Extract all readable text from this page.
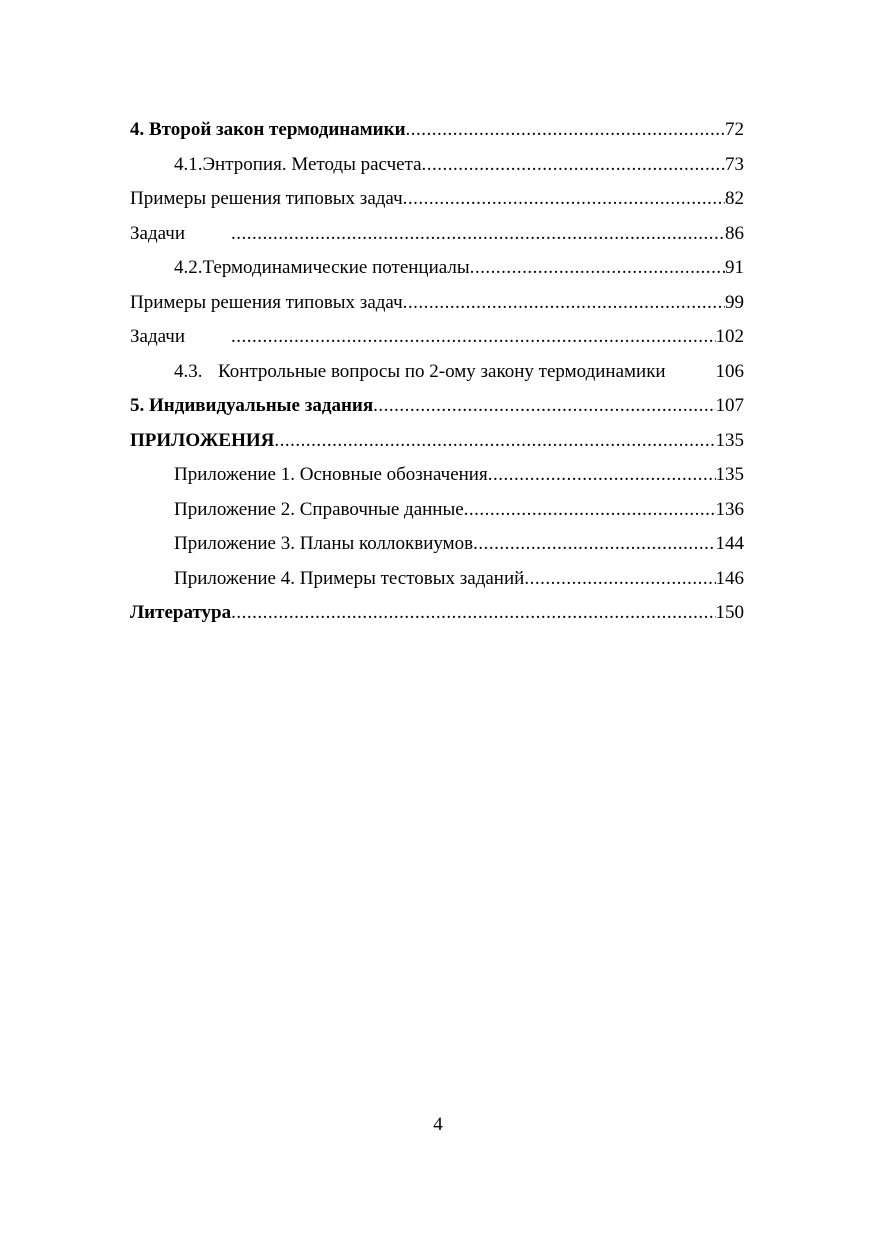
4. Второй закон термодинамики .....	72
4.1. Энтропия. Методы расчета .....	73
Примеры решения типовых задач .....	82
Задачи .....	86
4.2. Термодинамические потенциалы .....	91
Примеры решения типовых задач .....	99
Задачи .....	102
4.3. Контрольные вопросы по 2-ому закону термодинамики	106
5. Индивидуальные задания .....	107
ПРИЛОЖЕНИЯ .....	135
Приложение 1. Основные обозначения .....	135
Приложение 2. Справочные данные .....	136
Приложение 3. Планы коллоквиумов .....	144
Приложение 4. Примеры тестовых заданий .....	146
Литература .....	150
4
